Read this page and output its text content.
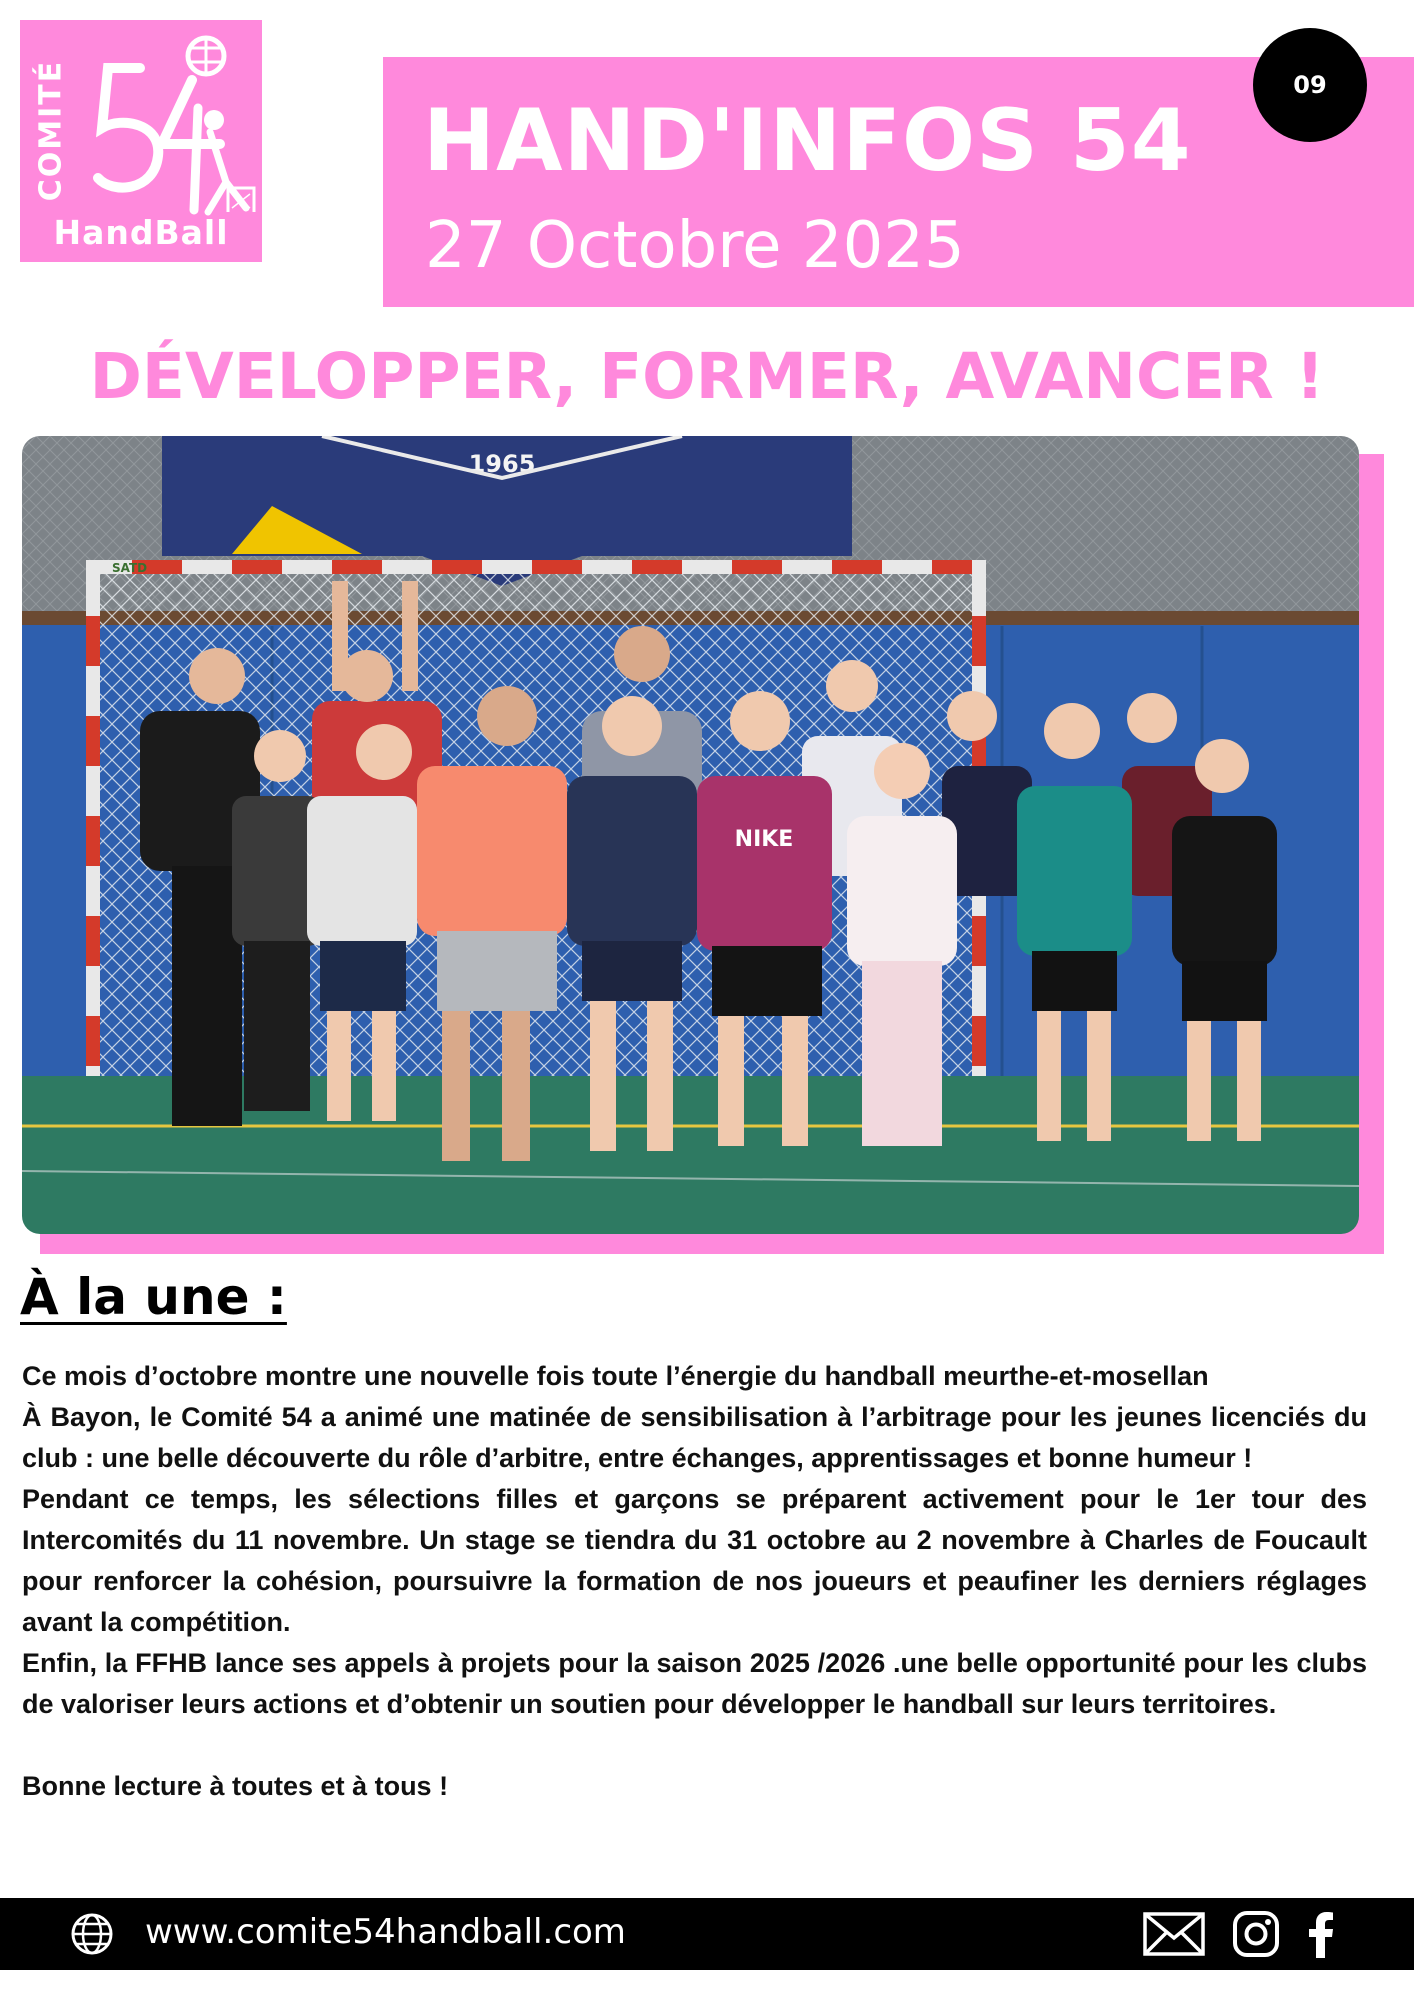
COMITÉ
HandBall
HAND'INFOS 54
27 Octobre 2025
09
DÉVELOPPER, FORMER, AVANCER !
1965
SATD
NIKE
À la une :

Ce mois d’octobre montre une nouvelle fois toute l’énergie du handball meurthe-et-mosellan

À Bayon, le Comité 54 a animé une matinée de sensibilisation à l’arbitrage pour les jeunes licenciés du club : une belle découverte du rôle d’arbitre, entre échanges, apprentissages et bonne humeur !

Pendant ce temps, les sélections filles et garçons se préparent activement pour le 1er tour des Intercomités du 11 novembre. Un stage se tiendra du 31 octobre au 2 novembre à Charles de Foucault pour renforcer la cohésion, poursuivre la formation de nos joueurs et peaufiner les derniers réglages avant la compétition.

Enfin, la FFHB lance ses appels à projets pour la saison 2025 /2026 .une belle opportunité pour les clubs de valoriser leurs actions et d’obtenir un soutien pour développer le handball sur leurs territoires.

Bonne lecture à toutes et à tous !

www.comite54handball.com
